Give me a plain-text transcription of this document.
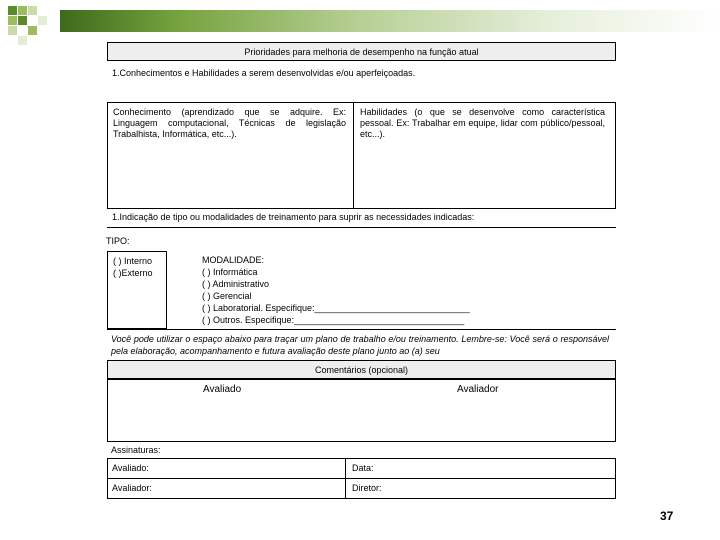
Prioridades para melhoria de desempenho na função atual
1.Conhecimentos e Habilidades a serem desenvolvidas e/ou aperfeiçoadas.
Conhecimento (aprendizado que se adquire. Ex: Linguagem computacional, Técnicas de legislação Trabalhista, Informática, etc...).
Habilidades (o que se desenvolve como característica pessoal. Ex: Trabalhar em equipe, lidar com público/pessoal, etc...).
1.Indicação de tipo ou modalidades de treinamento para suprir as necessidades indicadas:
TIPO:
( ) Interno
( )Externo
MODALIDADE:
( ) Informática
( ) Administrativo
( ) Gerencial
( ) Laboratorial. Especifique:_______________________________
( ) Outros. Especifique:__________________________________
Você pode utilizar o espaço abaixo para traçar um plano de trabalho e/ou treinamento. Lembre-se: Você será o responsável pela elaboração, acompanhamento e futura avaliação deste plano junto ao (a) seu
Comentários (opcional)
Avaliado	Avaliador
Assinaturas:
Avaliado:	Data:
Avaliador:	Diretor:
37
